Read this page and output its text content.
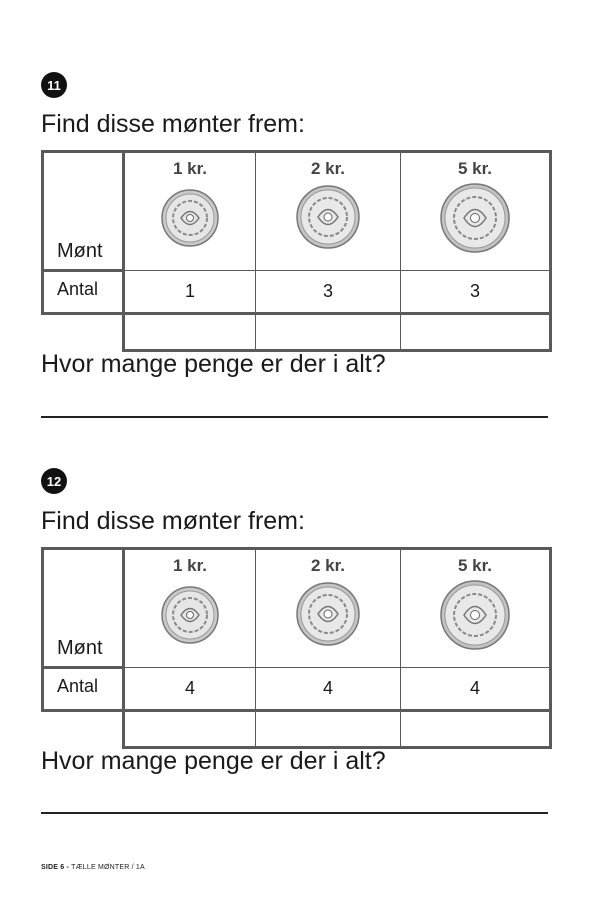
11
Find disse mønter frem:
Mønt	1 kr.	2 kr.	5 kr.

Antal	1	3	3

Hvor mange penge er der i alt?
12
Find disse mønter frem:
Mønt	1 kr.	2 kr.	5 kr.

Antal	4	4	4

Hvor mange penge er der i alt?
SIDE 6 - TÆLLE MØNTER / 1A
